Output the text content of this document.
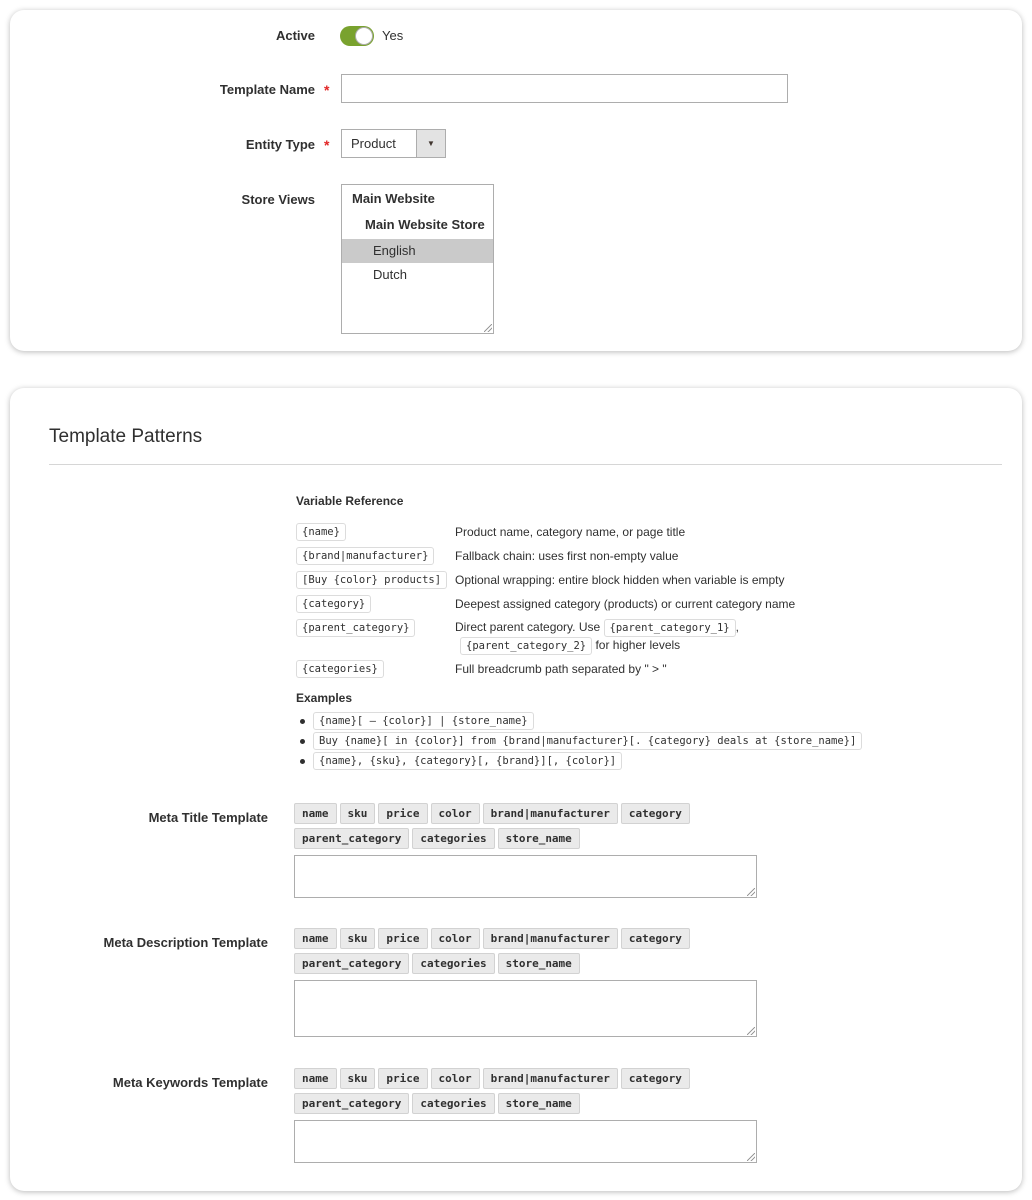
Active	Yes
Template Name *
Entity Type * Product	▼
Store Views	Main Website
Main Website Store
English
Dutch
Template Patterns
Variable Reference
{name}	Product name, category name, or page title
{brand|manufacturer}	Fallback chain: uses first non-empty value
[Buy {color} products]	Optional wrapping: entire block hidden when variable is empty
{category}	Deepest assigned category (products) or current category name
{parent_category}	Direct parent category. Use {parent_category_1} ,
{parent_category_2} for higher levels
{categories}	Full breadcrumb path separated by " > "
Examples
{name}[ – {color}] | {store_name}
Buy {name}[ in {color}] from {brand|manufacturer}[. {category} deals at {store_name}]
{name}, {sku}, {category}[, {brand}][, {color}]
Meta Title Template	name sku price color brand|manufacturer category
parent_category categories store_name
Meta Description Template	name sku price color brand|manufacturer category
parent_category categories store_name
Meta Keywords Template	name sku price color brand|manufacturer category
parent_category categories store_name
